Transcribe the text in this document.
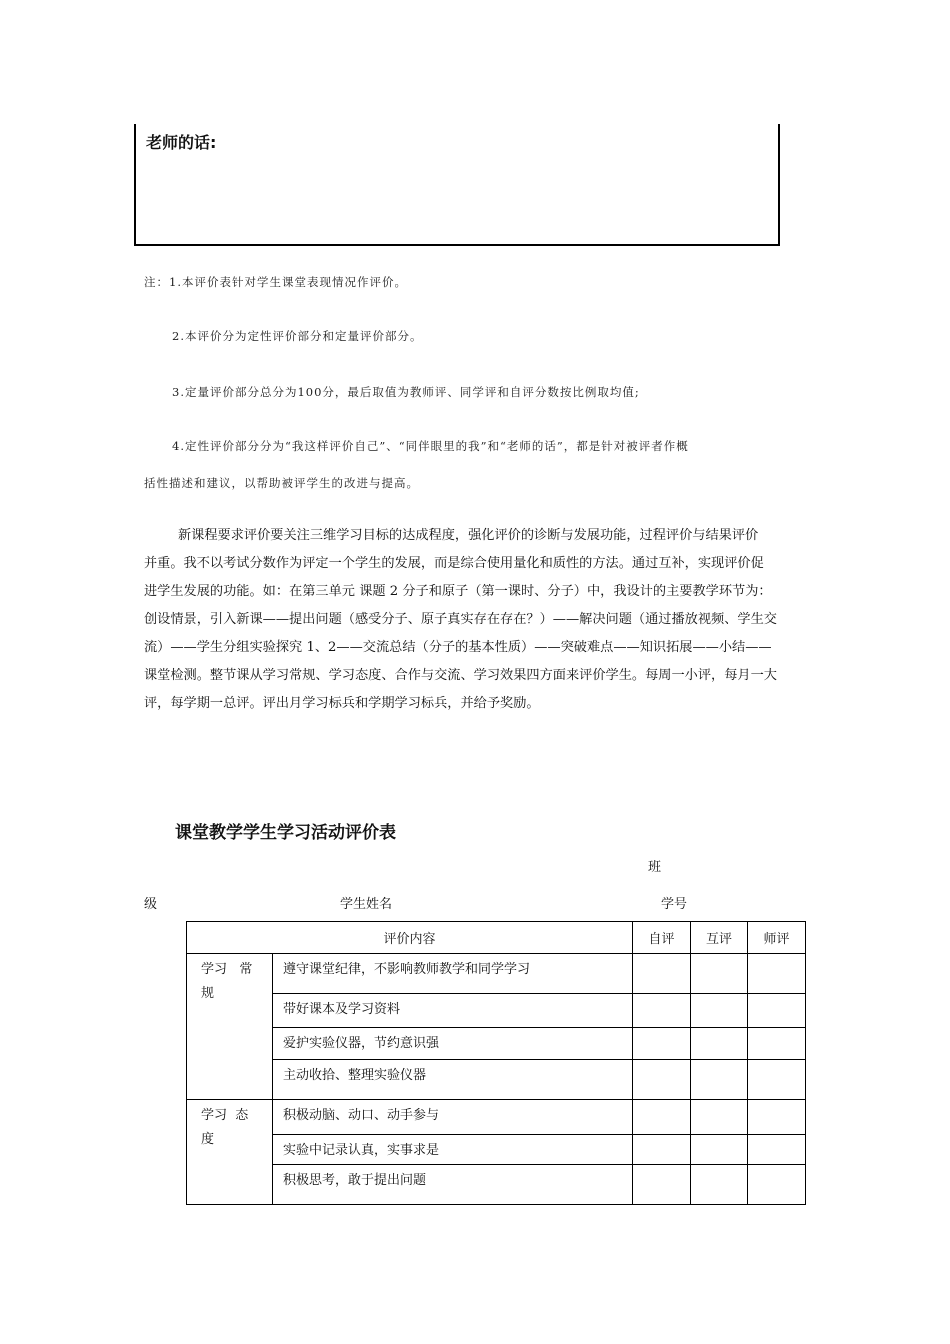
老师的话:
注：1.本评价表针对学生课堂表现情况作评价。
2.本评价分为定性评价部分和定量评价部分。
3.定量评价部分总分为100分，最后取值为教师评、同学评和自评分数按比例取均值;
4.定性评价部分分为“我这样评价自己”、“同伴眼里的我”和“老师的话”，都是针对被评者作概
括性描述和建议，以帮助被评学生的改进与提高。
新课程要求评价要关注三维学习目标的达成程度，强化评价的诊断与发展功能，过程评价与结果评价
并重。我不以考试分数作为评定一个学生的发展，而是综合使用量化和质性的方法。通过互补，实现评价促
进学生发展的功能。如：在第三单元 课题 2 分子和原子（第一课时、分子）中，我设计的主要教学环节为：
创设情景，引入新课——提出问题（感受分子、原子真实存在存在？）——解决问题（通过播放视频、学生交
流）——学生分组实验探究 1、2——交流总结（分子的基本性质）——突破难点——知识拓展——小结——
课堂检测。整节课从学习常规、学习态度、合作与交流、学习效果四方面来评价学生。每周一小评，每月一大
评，每学期一总评。评出月学习标兵和学期学习标兵，并给予奖励。
课堂教学学生学习活动评价表
班
级	学生姓名	学号
评价内容		自评	互评	师评

学习   常
规	遵守课堂纪律，不影响教师教学和同学学习			
	带好课本及学习资料			
	爱护实验仪器，节约意识强			
	主动收拾、整理实验仪器			

学习  态
度	积极动脑、动口、动手参与			
	实验中记录认真，实事求是			
	积极思考，敢于提出问题			
